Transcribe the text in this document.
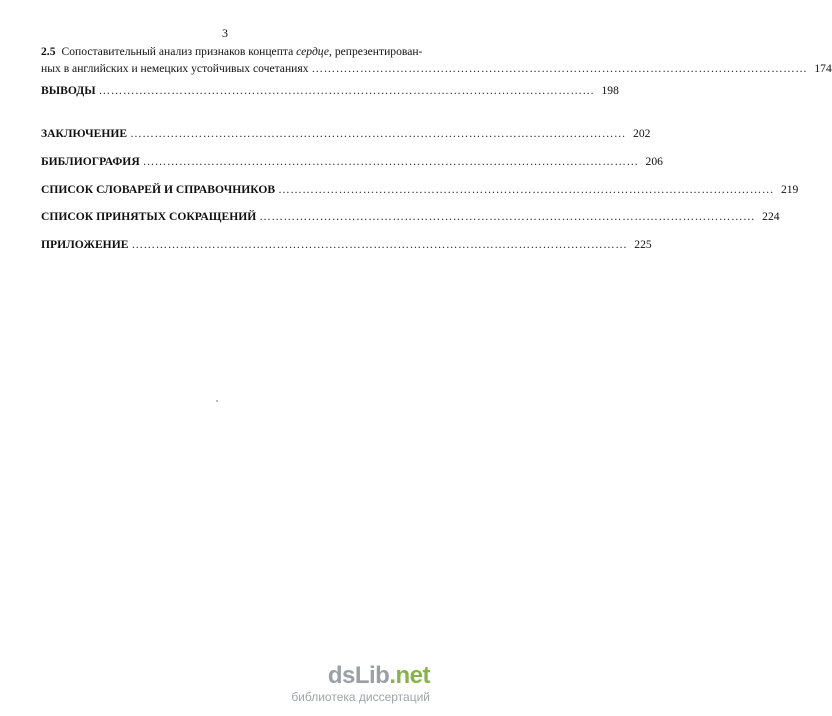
3
2.5 Сопоставительный анализ признаков концепта сердце, репрезентирован-
ных в английских и немецких устойчивых сочетаниях …………………………………………………………………………………………………………… 174
ВЫВОДЫ …………………………………………………………………………………………………………… 198
ЗАКЛЮЧЕНИЕ …………………………………………………………………………………………………………… 202
БИБЛИОГРАФИЯ …………………………………………………………………………………………………………… 206
СПИСОК СЛОВАРЕЙ И СПРАВОЧНИКОВ …………………………………………………………………………………………………………… 219
СПИСОК ПРИНЯТЫХ СОКРАЩЕНИЙ …………………………………………………………………………………………………………… 224
ПРИЛОЖЕНИЕ …………………………………………………………………………………………………………… 225
dsLib.net
библиотека диссертаций
